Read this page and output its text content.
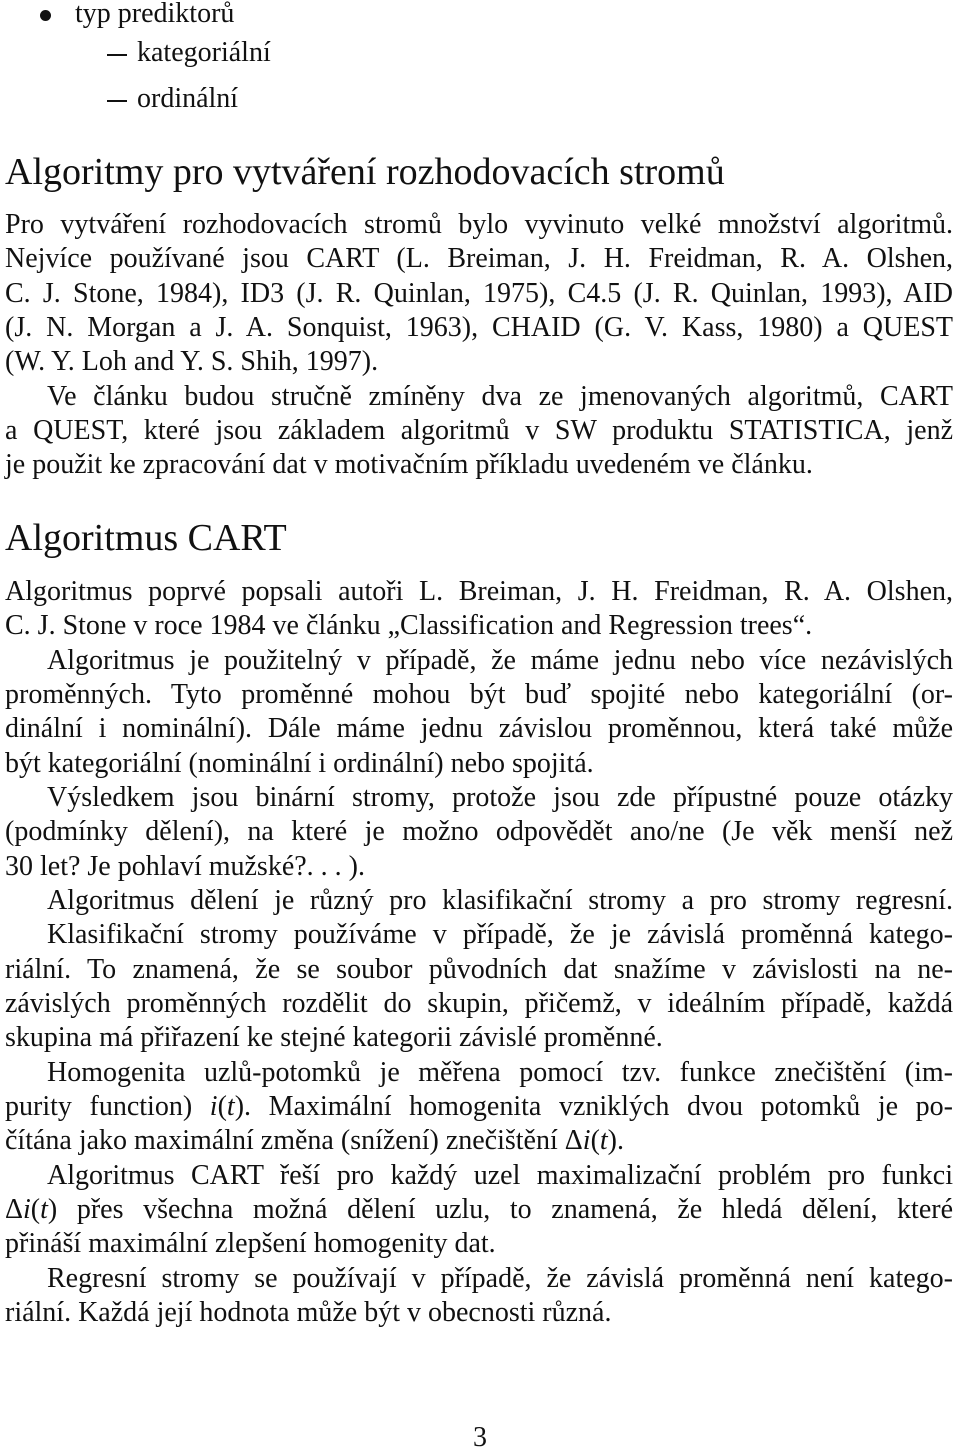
typ prediktorů
kategoriální
ordinální
Algoritmy pro vytváření rozhodovacích stromů
Pro vytváření rozhodovacích stromů bylo vyvinuto velké množství algoritmů.
Nejvíce používané jsou CART (L. Breiman, J. H. Freidman, R. A. Olshen,
C. J. Stone, 1984), ID3 (J. R. Quinlan, 1975), C4.5 (J. R. Quinlan, 1993), AID
(J. N. Morgan a J. A. Sonquist, 1963), CHAID (G. V. Kass, 1980) a QUEST
(W. Y. Loh and Y. S. Shih, 1997).
Ve článku budou stručně zmíněny dva ze jmenovaných algoritmů, CART
a QUEST, které jsou základem algoritmů v SW produktu STATISTICA, jenž
je použit ke zpracování dat v motivačním příkladu uvedeném ve článku.
Algoritmus CART
Algoritmus poprvé popsali autoři L. Breiman, J. H. Freidman, R. A. Olshen,
C. J. Stone v roce 1984 ve článku „Classification and Regression trees“.
Algoritmus je použitelný v případě, že máme jednu nebo více nezávislých
proměnných. Tyto proměnné mohou být buď spojité nebo kategoriální (or-
dinální i nominální). Dále máme jednu závislou proměnnou, která také může
být kategoriální (nominální i ordinální) nebo spojitá.
Výsledkem jsou binární stromy, protože jsou zde přípustné pouze otázky
(podmínky dělení), na které je možno odpovědět ano/ne (Je věk menší než
30 let? Je pohlaví mužské?. . . ).
Algoritmus dělení je různý pro klasifikační stromy a pro stromy regresní.
Klasifikační stromy používáme v případě, že je závislá proměnná katego-
riální. To znamená, že se soubor původních dat snažíme v závislosti na ne-
závislých proměnných rozdělit do skupin, přičemž, v ideálním případě, každá
skupina má přiřazení ke stejné kategorii závislé proměnné.
Homogenita uzlů-potomků je měřena pomocí tzv. funkce znečištění (im-
purity function) i(t). Maximální homogenita vzniklých dvou potomků je po-
čítána jako maximální změna (snížení) znečištění Δi(t).
Algoritmus CART řeší pro každý uzel maximalizační problém pro funkci
Δi(t) přes všechna možná dělení uzlu, to znamená, že hledá dělení, které
přináší maximální zlepšení homogenity dat.
Regresní stromy se používají v případě, že závislá proměnná není katego-
riální. Každá její hodnota může být v obecnosti různá.
3
